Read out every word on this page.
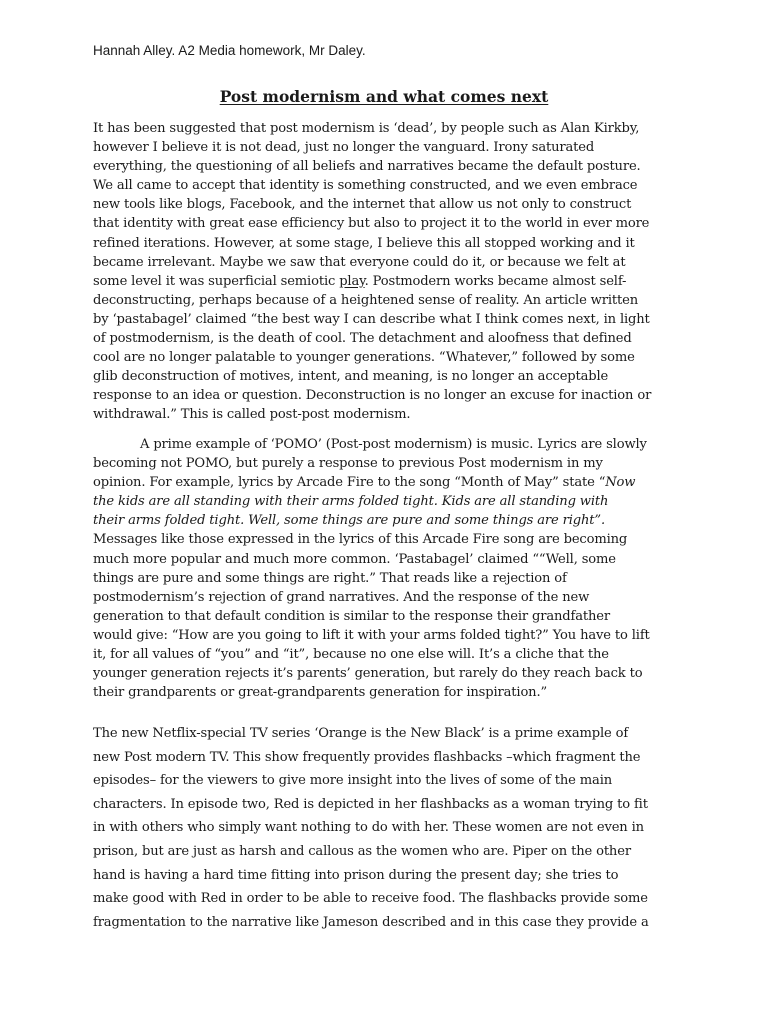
Hannah Alley. A2 Media homework, Mr Daley.
Post modernism and what comes next
It has been suggested that post modernism is ‘dead’, by people such as Alan Kirkby,
however I believe it is not dead, just no longer the vanguard. Irony saturated
everything, the questioning of all beliefs and narratives became the default posture.
We all came to accept that identity is something constructed, and we even embrace
new tools like blogs, Facebook, and the internet that allow us not only to construct
that identity with great ease efficiency but also to project it to the world in ever more
refined iterations. However, at some stage, I believe this all stopped working and it
became irrelevant. Maybe we saw that everyone could do it, or because we felt at
some level it was superficial semiotic play. Postmodern works became almost self-
deconstructing, perhaps because of a heightened sense of reality. An article written
by ‘pastabagel’ claimed “the best way I can describe what I think comes next, in light
of postmodernism, is the death of cool. The detachment and aloofness that defined
cool are no longer palatable to younger generations. “Whatever,” followed by some
glib deconstruction of motives, intent, and meaning, is no longer an acceptable
response to an idea or question. Deconstruction is no longer an excuse for inaction or
withdrawal.” This is called post-post modernism.
A prime example of ‘POMO’ (Post-post modernism) is music. Lyrics are slowly
becoming not POMO, but purely a response to previous Post modernism in my
opinion. For example, lyrics by Arcade Fire to the song “Month of May” state “Now
the kids are all standing with their arms folded tight. Kids are all standing with
their arms folded tight. Well, some things are pure and some things are right”.
Messages like those expressed in the lyrics of this Arcade Fire song are becoming
much more popular and much more common. ‘Pastabagel’ claimed ““Well, some
things are pure and some things are right.” That reads like a rejection of
postmodernism’s rejection of grand narratives. And the response of the new
generation to that default condition is similar to the response their grandfather
would give: “How are you going to lift it with your arms folded tight?” You have to lift
it, for all values of “you” and “it”, because no one else will. It’s a cliche that the
younger generation rejects it’s parents’ generation, but rarely do they reach back to
their grandparents or great-grandparents generation for inspiration.”
The new Netflix-special TV series ‘Orange is the New Black’ is a prime example of
new Post modern TV. This show frequently provides flashbacks –which fragment the
episodes– for the viewers to give more insight into the lives of some of the main
characters. In episode two, Red is depicted in her flashbacks as a woman trying to fit
in with others who simply want nothing to do with her. These women are not even in
prison, but are just as harsh and callous as the women who are. Piper on the other
hand is having a hard time fitting into prison during the present day; she tries to
make good with Red in order to be able to receive food. The flashbacks provide some
fragmentation to the narrative like Jameson described and in this case they provide a
